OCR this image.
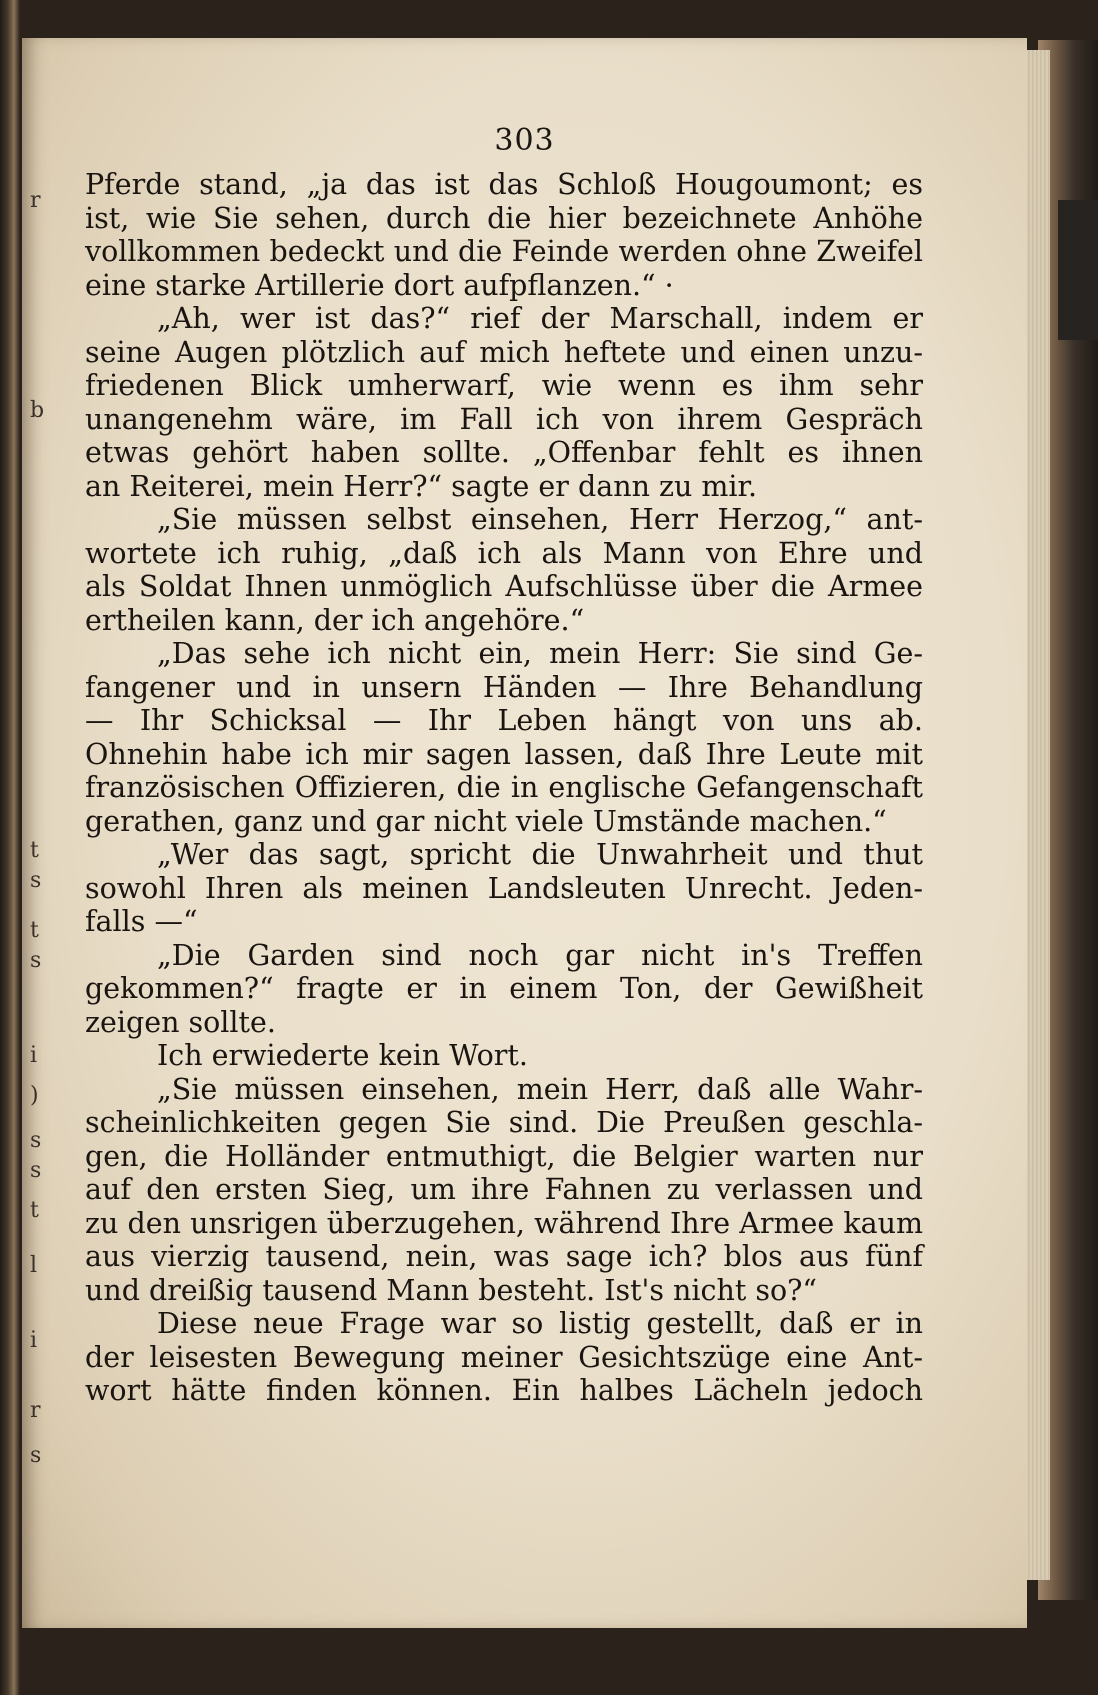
r
b
t
s
t
s
i
)
s
s
t
l
i
r
s
303
Pferde stand, „ja das ist das Schloß Hougoumont; es
ist, wie Sie sehen, durch die hier bezeichnete Anhöhe
vollkommen bedeckt und die Feinde werden ohne Zweifel
eine starke Artillerie dort aufpflanzen.“ ·
„Ah, wer ist das?“ rief der Marschall, indem er
seine Augen plötzlich auf mich heftete und einen unzu-
friedenen Blick umherwarf, wie wenn es ihm sehr
unangenehm wäre, im Fall ich von ihrem Gespräch
etwas gehört haben sollte. „Offenbar fehlt es ihnen
an Reiterei, mein Herr?“ sagte er dann zu mir.
„Sie müssen selbst einsehen, Herr Herzog,“ ant-
wortete ich ruhig, „daß ich als Mann von Ehre und
als Soldat Ihnen unmöglich Aufschlüsse über die Armee
ertheilen kann, der ich angehöre.“
„Das sehe ich nicht ein, mein Herr: Sie sind Ge-
fangener und in unsern Händen — Ihre Behandlung
— Ihr Schicksal — Ihr Leben hängt von uns ab.
Ohnehin habe ich mir sagen lassen, daß Ihre Leute mit
französischen Offizieren, die in englische Gefangenschaft
gerathen, ganz und gar nicht viele Umstände machen.“
„Wer das sagt, spricht die Unwahrheit und thut
sowohl Ihren als meinen Landsleuten Unrecht. Jeden-
falls —“
„Die Garden sind noch gar nicht in's Treffen
gekommen?“ fragte er in einem Ton, der Gewißheit
zeigen sollte.
Ich erwiederte kein Wort.
„Sie müssen einsehen, mein Herr, daß alle Wahr-
scheinlichkeiten gegen Sie sind. Die Preußen geschla-
gen, die Holländer entmuthigt, die Belgier warten nur
auf den ersten Sieg, um ihre Fahnen zu verlassen und
zu den unsrigen überzugehen, während Ihre Armee kaum
aus vierzig tausend, nein, was sage ich? blos aus fünf
und dreißig tausend Mann besteht. Ist's nicht so?“
Diese neue Frage war so listig gestellt, daß er in
der leisesten Bewegung meiner Gesichtszüge eine Ant-
wort hätte finden können. Ein halbes Lächeln jedoch
